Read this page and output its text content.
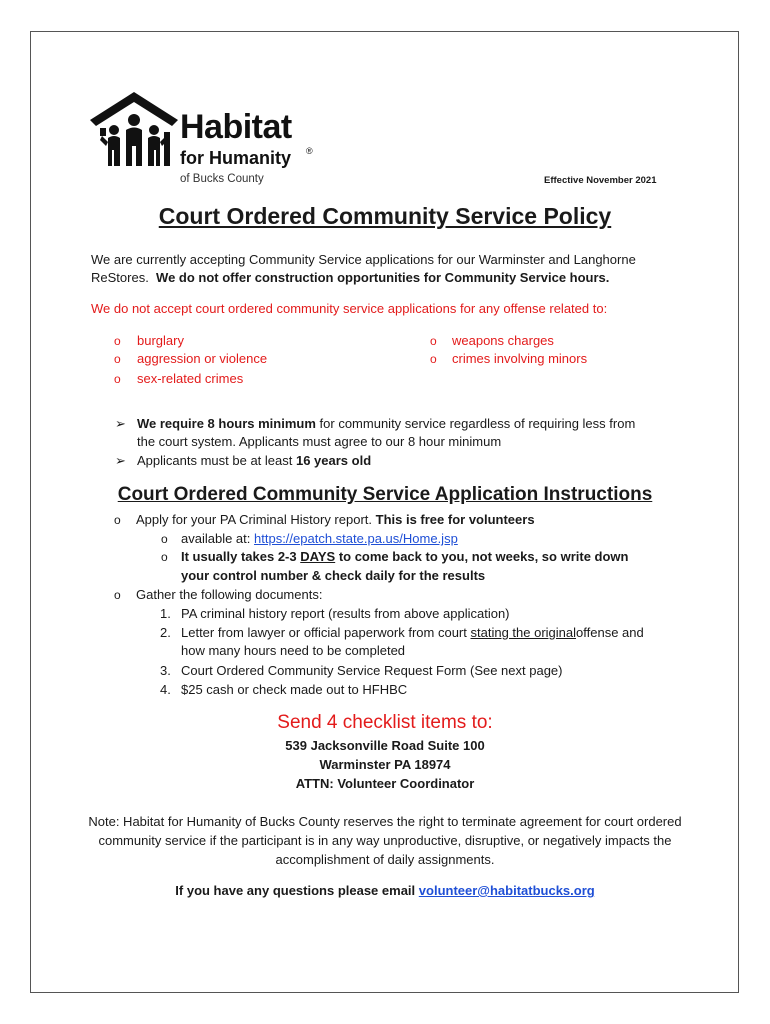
Habitat
for Humanity ®
of Bucks County	Effective November 2021
Court Ordered Community Service Policy
We are currently accepting Community Service applications for our Warminster and Langhorne
ReStores. We do not offer construction opportunities for Community Service hours.
We do not accept court ordered community service applications for any offense related to:
o burglary
o aggression or violence
o sex-related crimes
o weapons charges
o crimes involving minors
➢ We require 8 hours minimum for community service regardless of requiring less from
the court system. Applicants must agree to our 8 hour minimum
➢ Applicants must be at least 16 years old
Court Ordered Community Service Application Instructions
o Apply for your PA Criminal History report. This is free for volunteers
o available at: https://epatch.state.pa.us/Home.jsp
o It usually takes 2-3 DAYS to come back to you, not weeks, so write down
your control number & check daily for the results
o Gather the following documents:
1. PA criminal history report (results from above application)
2. Letter from lawyer or official paperwork from court stating the originaloffense and
how many hours need to be completed
3. Court Ordered Community Service Request Form (See next page)
4. $25 cash or check made out to HFHBC
Send 4 checklist items to:
539 Jacksonville Road Suite 100
Warminster PA 18974
ATTN: Volunteer Coordinator
Note: Habitat for Humanity of Bucks County reserves the right to terminate agreement for court ordered
community service if the participant is in any way unproductive, disruptive, or negatively impacts the
accomplishment of daily assignments.
If you have any questions please email volunteer@habitatbucks.org
